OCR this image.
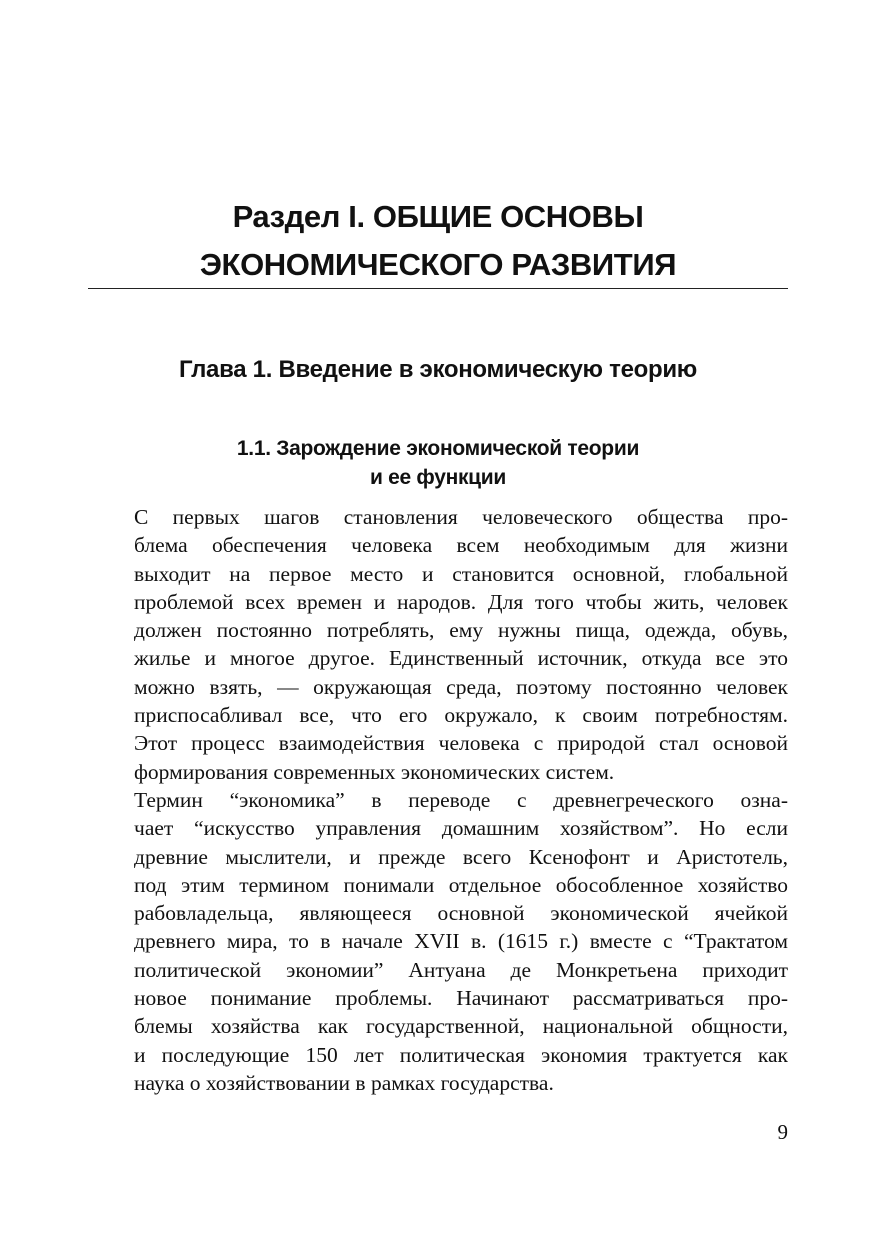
Раздел I. ОБЩИЕ ОСНОВЫ
ЭКОНОМИЧЕСКОГО РАЗВИТИЯ
Глава 1. Введение в экономическую теорию
1.1. Зарождение экономической теории
и ее функции

С первых шагов становления человеческого общества про-
блема обеспечения человека всем необходимым для жизни
выходит на первое место и становится основной, глобальной
проблемой всех времен и народов. Для того чтобы жить, человек
должен постоянно потреблять, ему нужны пища, одежда, обувь,
жилье и многое другое. Единственный источник, откуда все это
можно взять, — окружающая среда, поэтому постоянно человек
приспосабливал все, что его окружало, к своим потребностям.
Этот процесс взаимодействия человека с природой стал основой
формирования современных экономических систем.

Термин “экономика” в переводе с древнегреческого озна-
чает “искусство управления домашним хозяйством”. Но если
древние мыслители, и прежде всего Ксенофонт и Аристотель,
под этим термином понимали отдельное обособленное хозяйство
рабовладельца, являющееся основной экономической ячейкой
древнего мира, то в начале XVII в. (1615 г.) вместе с “Трактатом
политической экономии” Антуана де Монкретьена приходит
новое понимание проблемы. Начинают рассматриваться про-
блемы хозяйства как государственной, национальной общности,
и последующие 150 лет политическая экономия трактуется как
наука о хозяйствовании в рамках государства.

9
